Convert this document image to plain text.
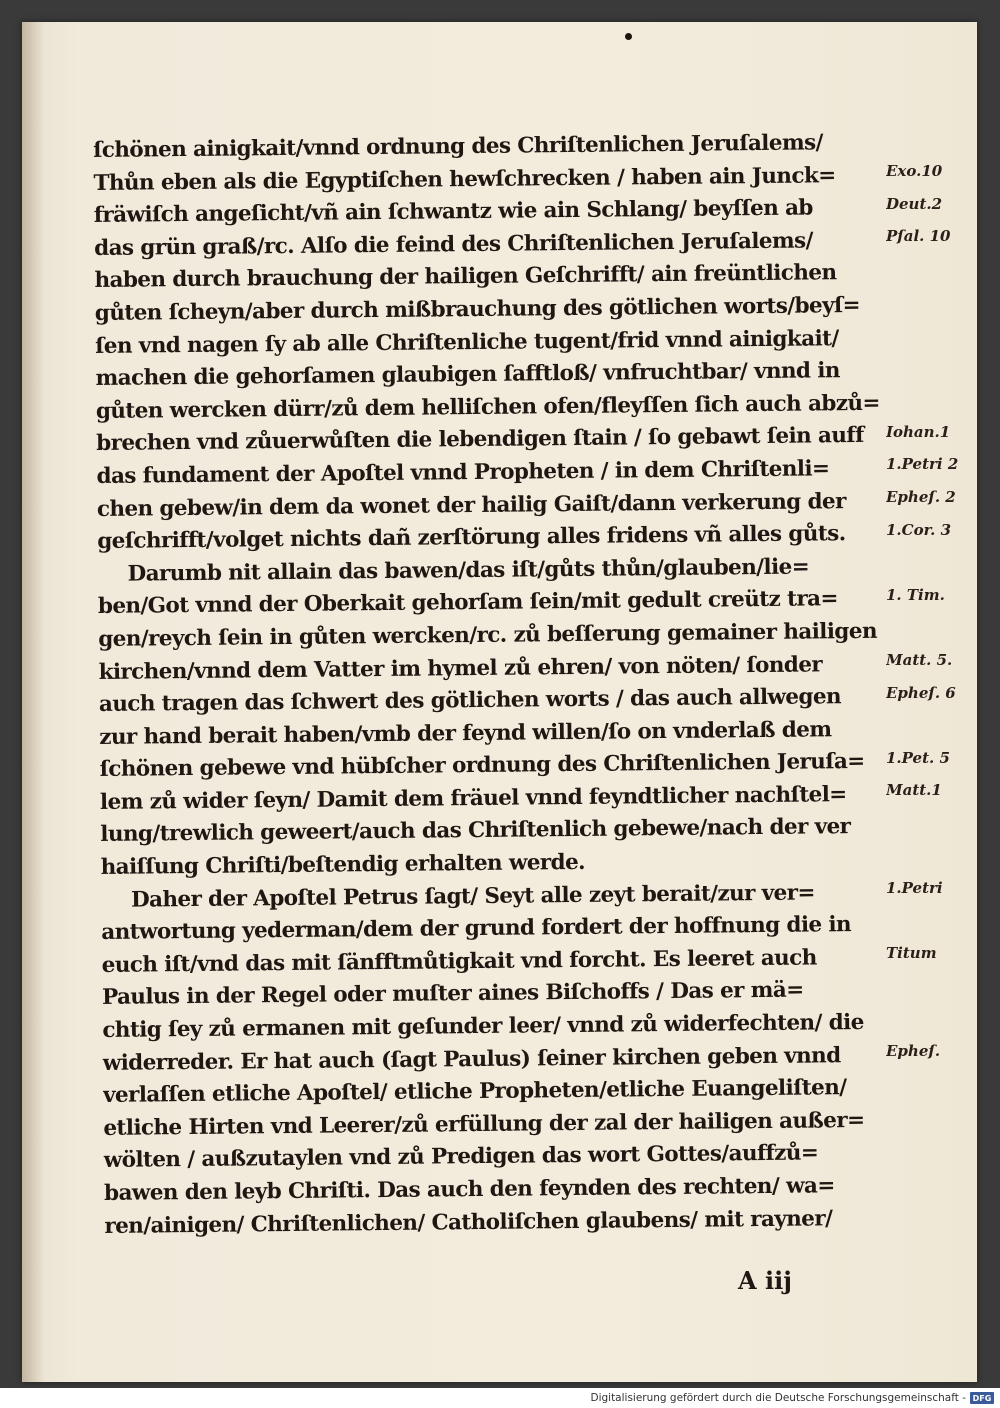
ſchönen ainigkait/vnnd ordnung des Chriſtenlichen Jeruſalems/
Thůn eben als die Egyptiſchen hewſchrecken / haben ain Junck=
fräwiſch angeſicht/vñ ain ſchwantz wie ain Schlang/ beyſſen ab
das grün graß/rc. Alſo die feind des Chriſtenlichen Jeruſalems/
haben durch brauchung der hailigen Geſchrifft/ ain freüntlichen
gůten ſcheyn/aber durch mißbrauchung des götlichen worts/beyſ=
ſen vnd nagen ſy ab alle Chriſtenliche tugent/frid vnnd ainigkait/
machen die gehorſamen glaubigen ſafftloß/ vnfruchtbar/ vnnd in
gůten wercken dürr/zů dem helliſchen ofen/fleyſſen ſich auch abzů=
brechen vnd zůuerwůſten die lebendigen ſtain / ſo gebawt ſein auff
das fundament der Apoſtel vnnd Propheten / in dem Chriſtenli=
chen gebew/in dem da wonet der hailig Gaiſt/dann verkerung der
geſchrifft/volget nichts dañ zerſtörung alles fridens vñ alles gůts.
Darumb nit allain das bawen/das iſt/gůts thůn/glauben/lie=
ben/Got vnnd der Oberkait gehorſam ſein/mit gedult creütz tra=
gen/reych ſein in gůten wercken/rc. zů beſſerung gemainer hailigen
kirchen/vnnd dem Vatter im hymel zů ehren/ von nöten/ ſonder
auch tragen das ſchwert des götlichen worts / das auch allwegen
zur hand berait haben/vmb der feynd willen/ſo on vnderlaß dem
ſchönen gebewe vnd hübſcher ordnung des Chriſtenlichen Jeruſa=
lem zů wider ſeyn/ Damit dem fräuel vnnd feyndtlicher nachſtel=
lung/trewlich geweert/auch das Chriſtenlich gebewe/nach der ver
haiſſung Chriſti/beſtendig erhalten werde.
Daher der Apoſtel Petrus ſagt/ Seyt alle zeyt berait/zur ver=
antwortung yederman/dem der grund fordert der hoffnung die in
euch iſt/vnd das mit ſänfftmůtigkait vnd forcht. Es leeret auch
Paulus in der Regel oder muſter aines Biſchoffs / Das er mä=
chtig ſey zů ermanen mit geſunder leer/ vnnd zů widerfechten/ die
widerreder. Er hat auch (ſagt Paulus) ſeiner kirchen geben vnnd
verlaſſen etliche Apoſtel/ etliche Propheten/etliche Euangeliſten/
etliche Hirten vnd Leerer/zů erfüllung der zal der hailigen außer=
wölten / außzutaylen vnd zů Predigen das wort Gottes/auffzů=
bawen den leyb Chriſti. Das auch den feynden des rechten/ wa=
ren/ainigen/ Chriſtenlichen/ Catholiſchen glaubens/ mit rayner/
Exo.10
Deut.2
Pſal. 10
Iohan.1
1.Petri 2
Epheſ. 2
1.Cor. 3
1. Tim.
Matt. 5.
Epheſ. 6
1.Pet. 5
Matt.1
1.Petri
Titum
Epheſ.
A iij
Digitalisierung gefördert durch die Deutsche Forschungsgemeinschaft - DFG
